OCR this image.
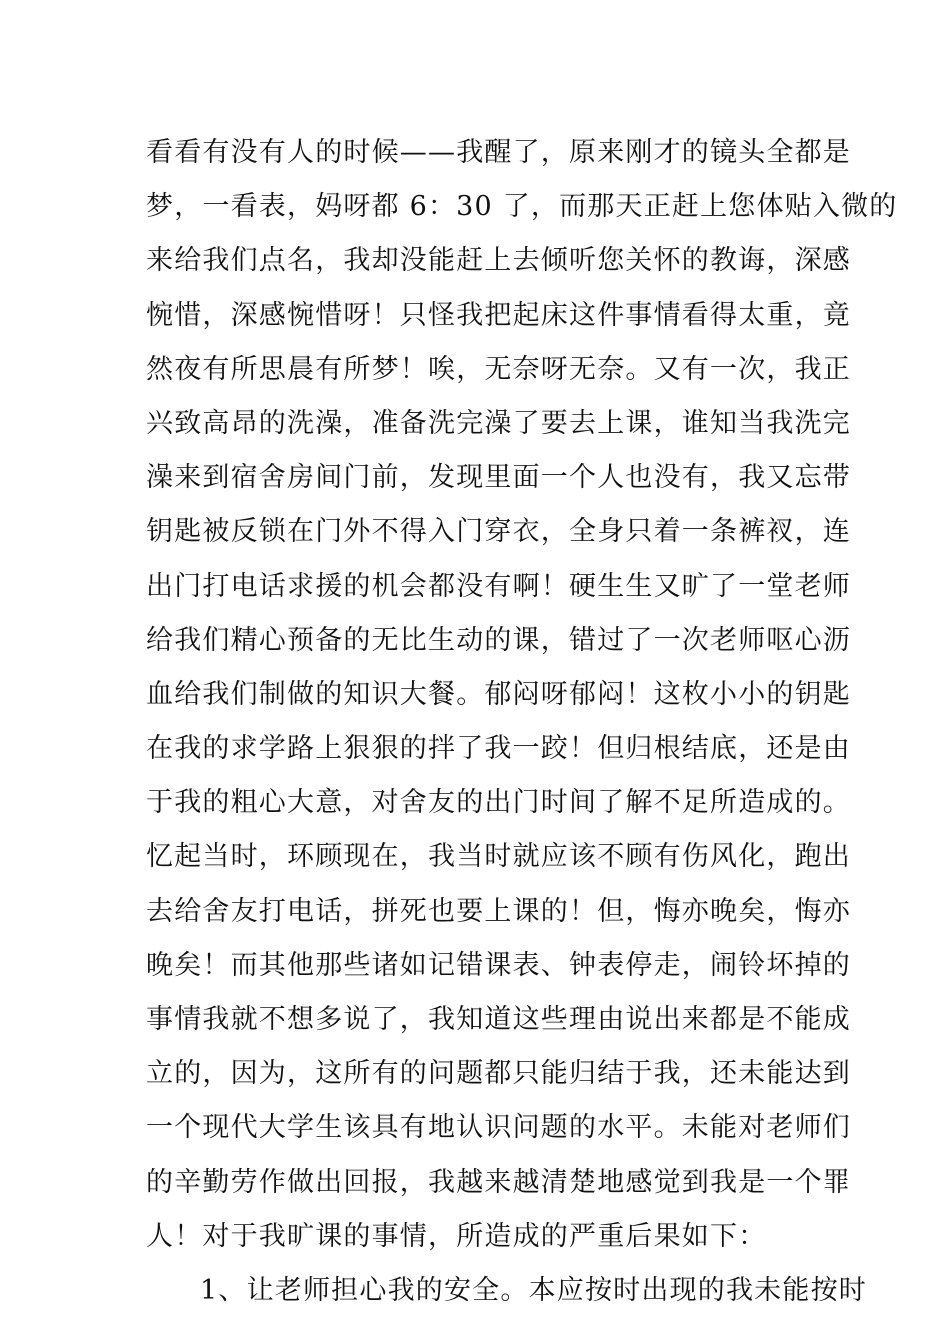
看看有没有人的时候——我醒了，原来刚才的镜头全都是
梦，一看表，妈呀都 6：30 了，而那天正赶上您体贴入微的
来给我们点名，我却没能赶上去倾听您关怀的教诲，深感
惋惜，深感惋惜呀！只怪我把起床这件事情看得太重，竟
然夜有所思晨有所梦！唉，无奈呀无奈。又有一次，我正
兴致高昂的洗澡，准备洗完澡了要去上课，谁知当我洗完
澡来到宿舍房间门前，发现里面一个人也没有，我又忘带
钥匙被反锁在门外不得入门穿衣，全身只着一条裤衩，连
出门打电话求援的机会都没有啊！硬生生又旷了一堂老师
给我们精心预备的无比生动的课，错过了一次老师呕心沥
血给我们制做的知识大餐。郁闷呀郁闷！这枚小小的钥匙
在我的求学路上狠狠的拌了我一跤！但归根结底，还是由
于我的粗心大意，对舍友的出门时间了解不足所造成的。
忆起当时，环顾现在，我当时就应该不顾有伤风化，跑出
去给舍友打电话，拼死也要上课的！但，悔亦晚矣，悔亦
晚矣！而其他那些诸如记错课表、钟表停走，闹铃坏掉的
事情我就不想多说了，我知道这些理由说出来都是不能成
立的，因为，这所有的问题都只能归结于我，还未能达到
一个现代大学生该具有地认识问题的水平。未能对老师们
的辛勤劳作做出回报，我越来越清楚地感觉到我是一个罪
人！对于我旷课的事情，所造成的严重后果如下：
1、让老师担心我的安全。本应按时出现的我未能按时
